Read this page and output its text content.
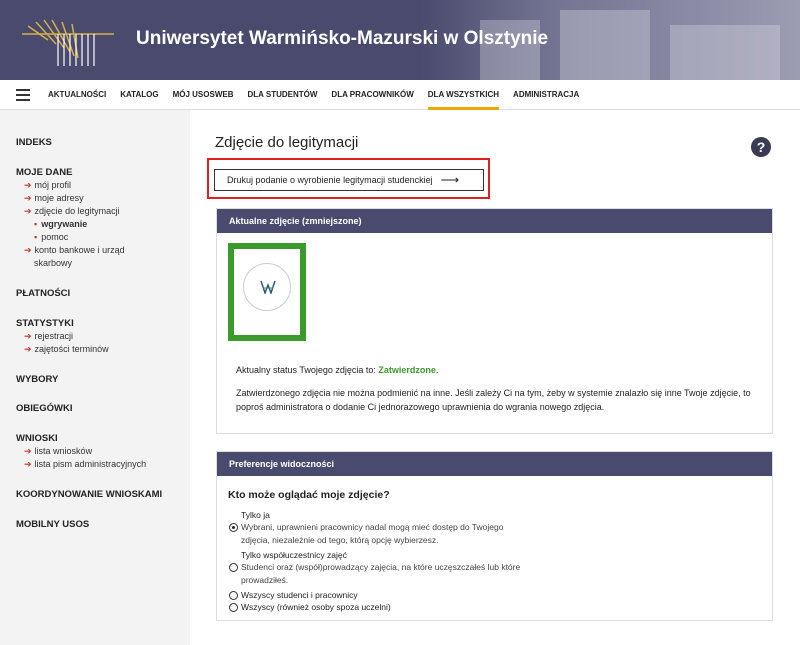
Uniwersytet Warmińsko-Mazurski w Olsztynie
AKTUALNOŚCI KATALOG MÓJ USOSWEB DLA STUDENTÓW DLA PRACOWNIKÓW DLA WSZYSTKICH ADMINISTRACJA
INDEKS
MOJE DANE
➔ mój profil
➔ moje adresy
➔ zdjęcie do legitymacji
▪ wgrywanie
▪ pomoc
➔ konto bankowe i urząd
skarbowy
PŁATNOŚCI
STATYSTYKI
➔ rejestracji
➔ zajętości terminów
WYBORY
OBIEGÓWKI
WNIOSKI
➔ lista wniosków
➔ lista pism administracyjnych
KOORDYNOWANIE WNIOSKAMI
MOBILNY USOS
Zdjęcie do legitymacji	?
Drukuj podanie o wyrobienie legitymacji studenckiej ⟶
Aktualne zdjęcie (zmniejszone)
Aktualny status Twojego zdjęcia to: Zatwierdzone.
Zatwierdzonego zdjęcia nie można podmienić na inne. Jeśli zależy Ci na tym, żeby w systemie znalazło się inne Twoje zdjęcie, to poproś administratora o dodanie Ci jednorazowego uprawnienia do wgrania nowego zdjęcia.
Preferencje widoczności
Kto może oglądać moje zdjęcie?
Tylko ja
Wybrani, uprawnieni pracownicy nadal mogą mieć dostęp do Twojego
zdjęcia, niezależnie od tego, którą opcję wybierzesz.
Tylko współuczestnicy zajęć
Studenci oraz (współ)prowadzący zajęcia, na które uczęszczałeś lub które
prowadziłeś.
Wszyscy studenci i pracownicy
Wszyscy (również osoby spoza uczelni)
